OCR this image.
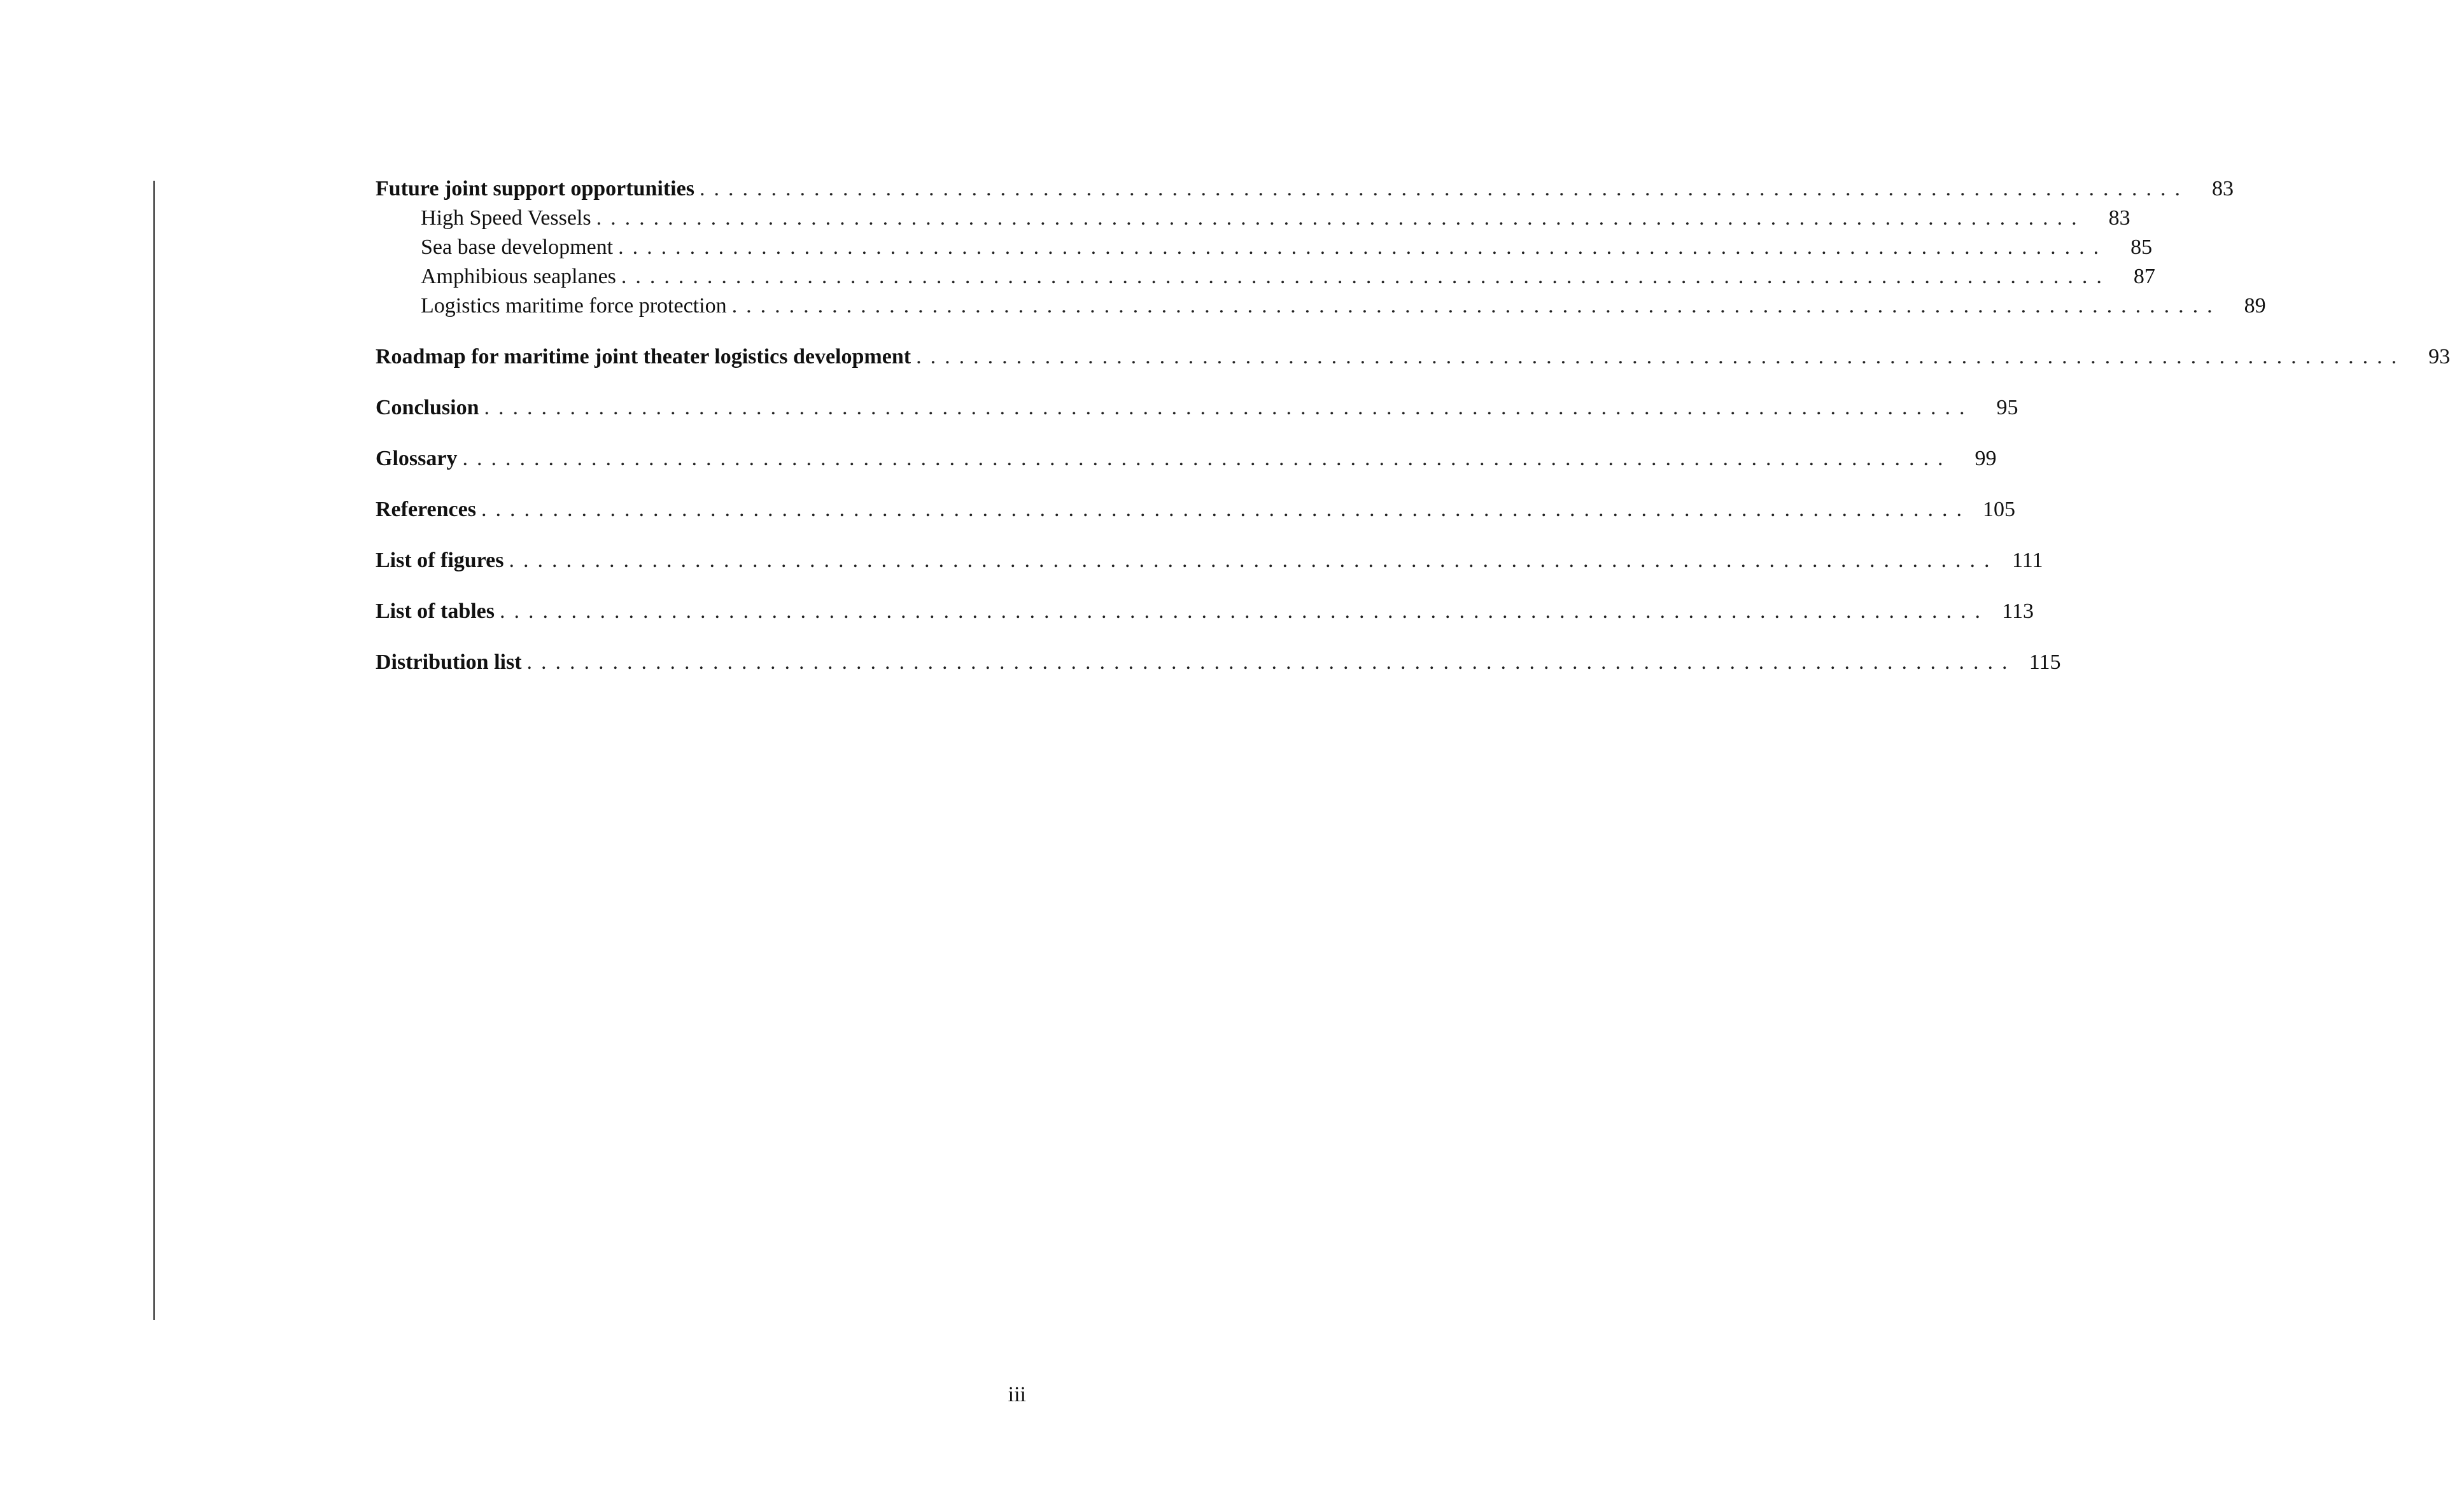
Future joint support opportunities ........................................................................................................	83
High Speed Vessels ........................................................................................................	83
Sea base development ........................................................................................................	85
Amphibious seaplanes ........................................................................................................	87
Logistics maritime force protection ........................................................................................................	89
Roadmap for maritime joint theater logistics development ........................................................................................................	93
Conclusion ........................................................................................................	95
Glossary ........................................................................................................	99
References ........................................................................................................ 105
List of figures ........................................................................................................ 111
List of tables ........................................................................................................ 113
Distribution list ........................................................................................................ 115
iii
